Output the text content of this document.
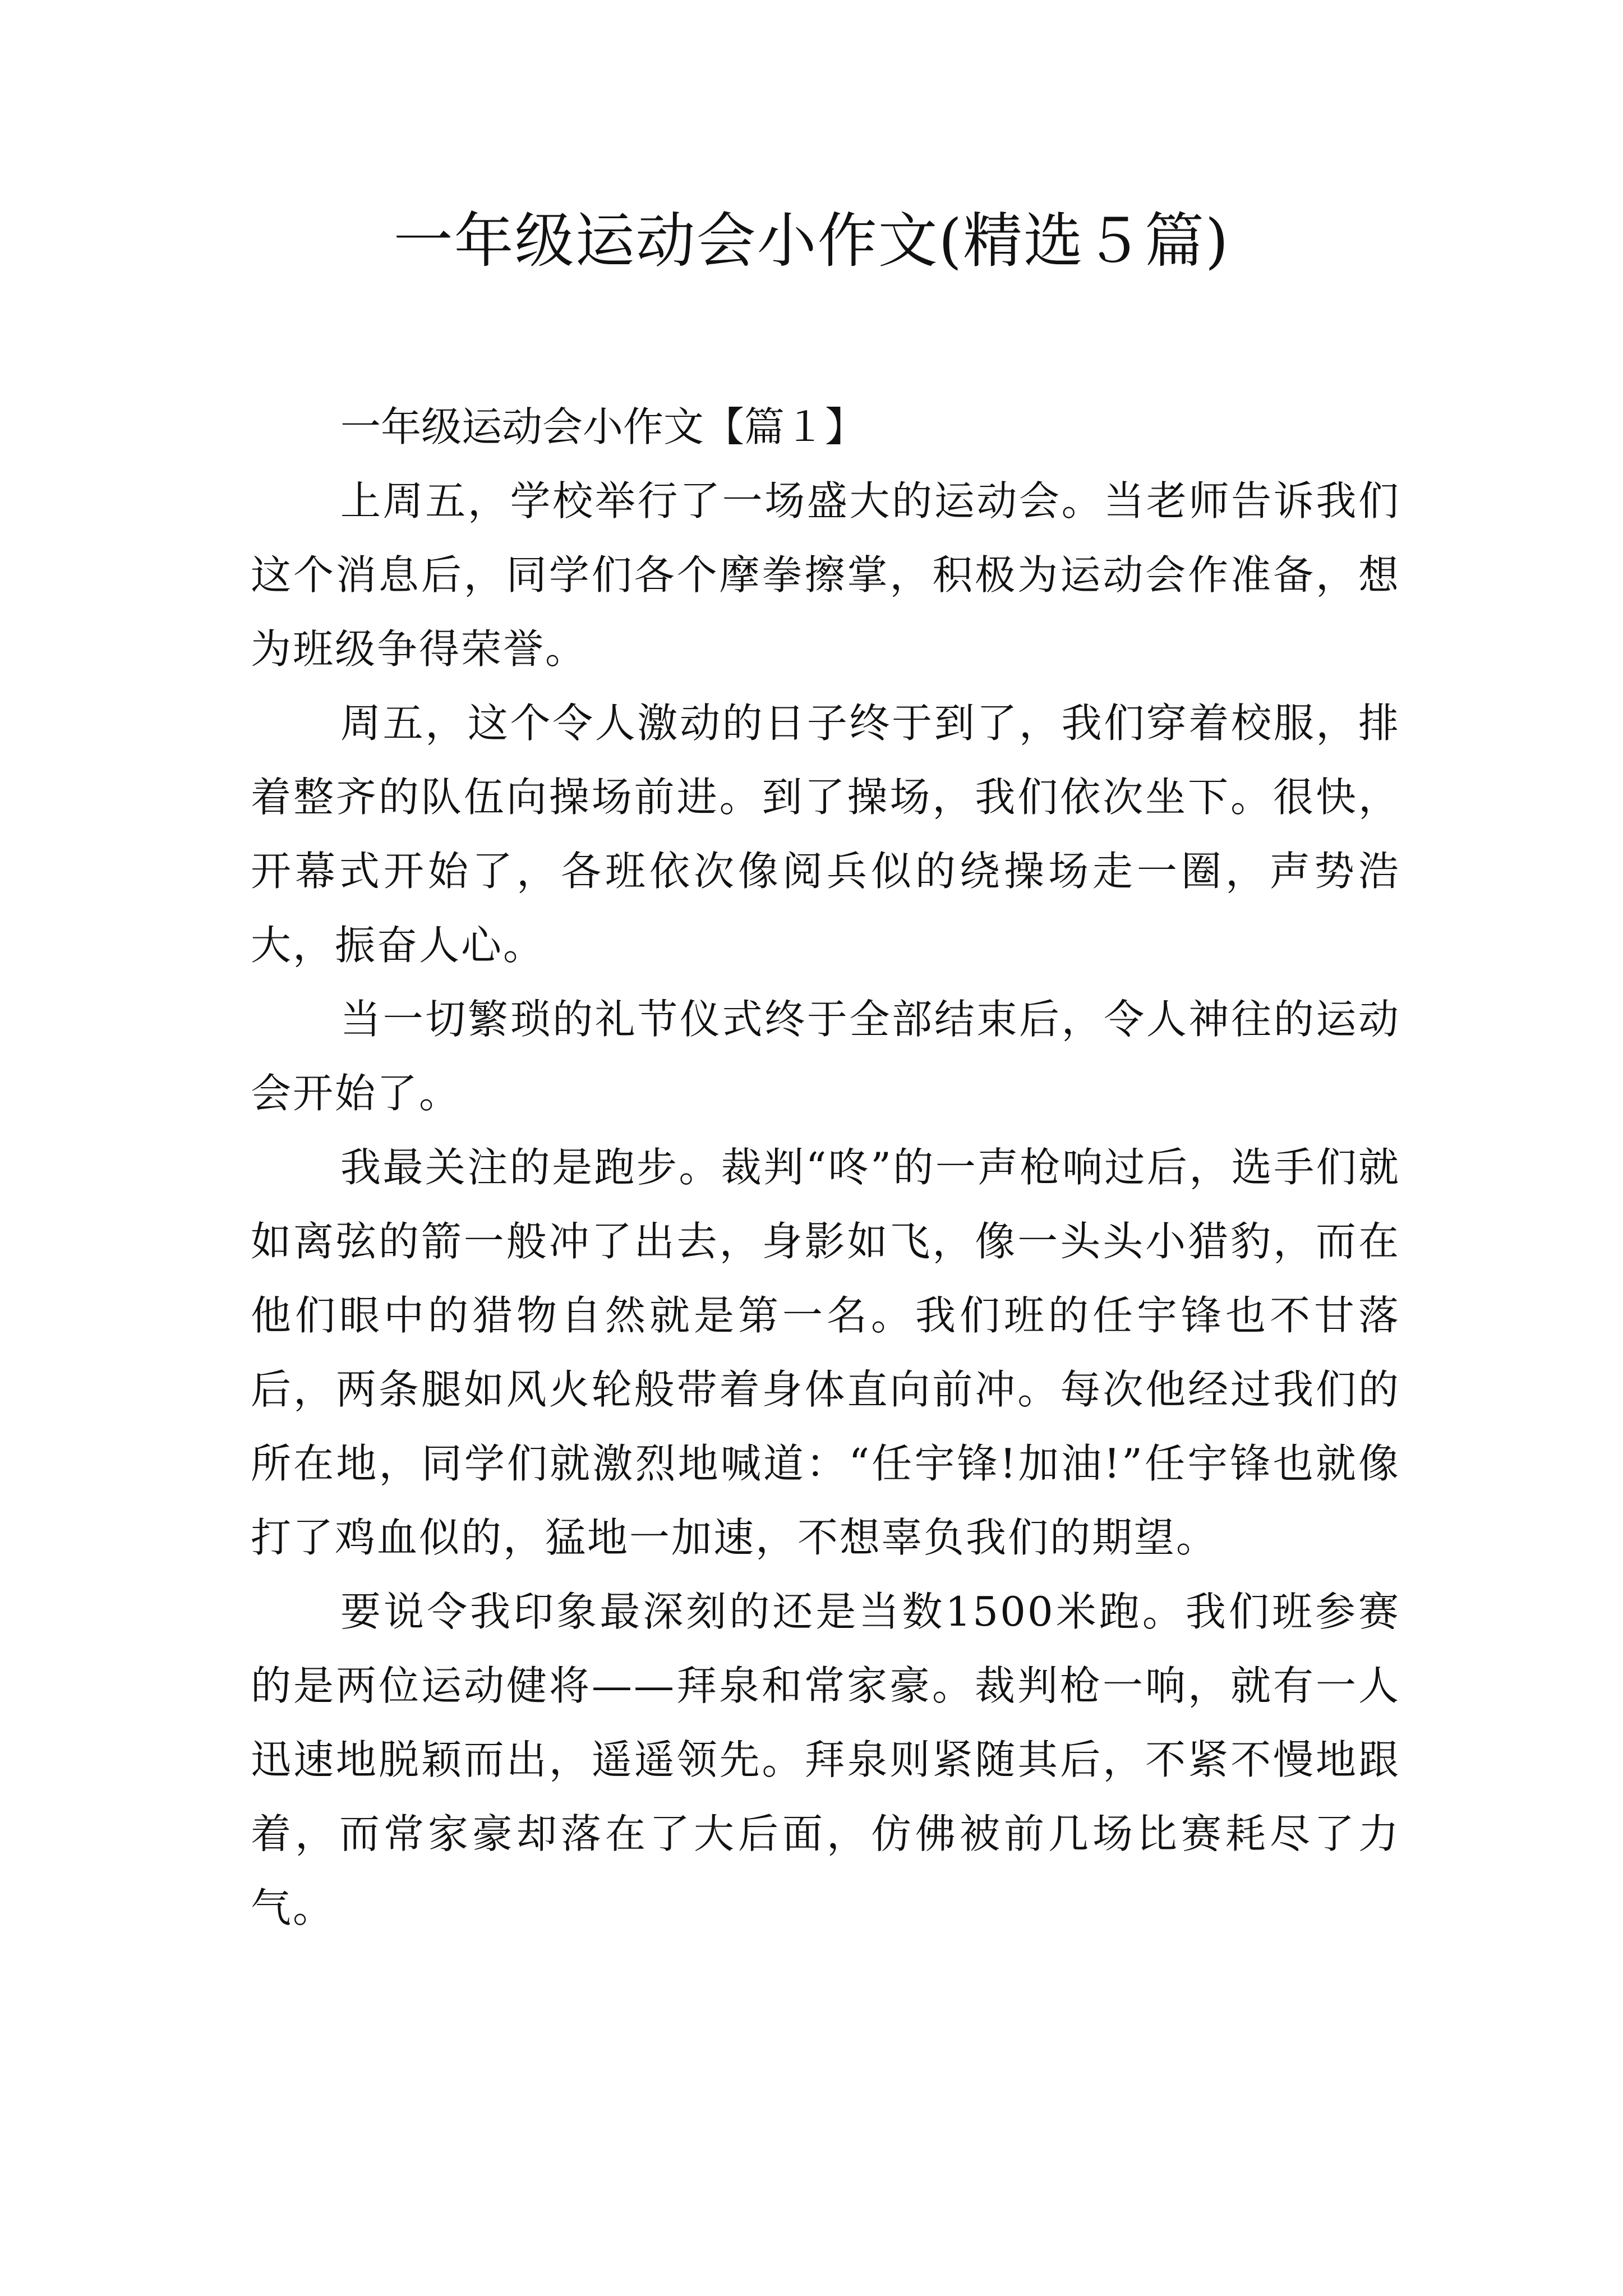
一年级运动会小作文(精选５篇)

一年级运动会小作文【篇１】

上周五，学校举行了一场盛大的运动会。当老师告诉我们这个消息后，同学们各个摩拳擦掌，积极为运动会作准备，想为班级争得荣誉。

周五，这个令人激动的日子终于到了，我们穿着校服，排着整齐的队伍向操场前进。到了操场，我们依次坐下。很快，开幕式开始了，各班依次像阅兵似的绕操场走一圈，声势浩大，振奋人心。

当一切繁琐的礼节仪式终于全部结束后，令人神往的运动会开始了。

我最关注的是跑步。裁判“咚”的一声枪响过后，选手们就如离弦的箭一般冲了出去，身影如飞，像一头头小猎豹，而在他们眼中的猎物自然就是第一名。我们班的任宇锋也不甘落后，两条腿如风火轮般带着身体直向前冲。每次他经过我们的所在地，同学们就激烈地喊道：“任宇锋!加油!”任宇锋也就像打了鸡血似的，猛地一加速，不想辜负我们的期望。

要说令我印象最深刻的还是当数1500米跑。我们班参赛的是两位运动健将——拜泉和常家豪。裁判枪一响，就有一人迅速地脱颖而出，遥遥领先。拜泉则紧随其后，不紧不慢地跟着，而常家豪却落在了大后面，仿佛被前几场比赛耗尽了力气。
